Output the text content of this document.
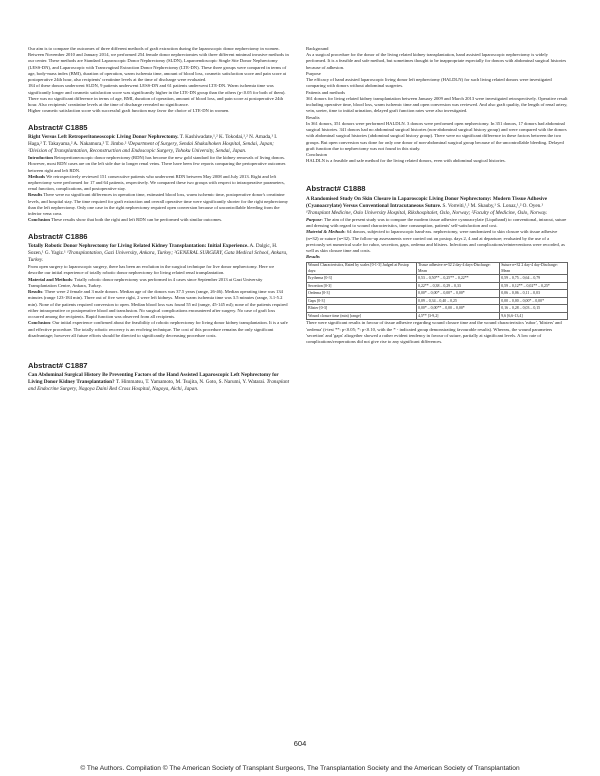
Our aim is to compare the outcomes of three different methods of graft extraction during the laparoscopic donor nephrectomy in women.

Between November 2010 and January 2014, we performed 254 female donor nephrectomies with three different minimal invasive methods in our center. These methods are Standard Laparoscopic Donor Nephrectomy (SLDN), Laparoendoscopic Single Site Donor Nephrectomy (LESS-DN), and Laparoscopic with Transvaginal Extraction Donor Nephrectomy (LTE-DN). These three groups were compared in terms of age, body-mass index (BMI), duration of operation, warm ischemia time, amount of blood loss, cosmetic satisfaction score and pain score at postoperative 24th hour, also recipients' creatinine levels at the time of discharge were evaluated.

184 of these donors underwent SLDN, 9 patients underwent LESS-DN and 61 patients underwent LTE-DN. Warm ischemia time was significantly longer and cosmetic satisfaction score was significantly higher in the LTE-DN group than the others (p<0.05 for both of them). There was no significant difference in terms of age, BMI, duration of operation, amount of blood loss, and pain score at postoperative 24th hour. Also recipients' creatinine levels at the time of discharge revealed no significance.

Higher cosmetic satisfaction score with successful graft function may favor the choice of LTE-DN in women.

Abstract# C1885

Right Versus Left Retroperitoneoscopic Living Donor Nephrectomy. T. Kashiwadate,¹,² K. Tokodai,¹,² N. Amada,¹ I. Haga,² T. Takayama,² A. Nakamura,² T. Jimbo.² ¹Department of Surgery, Sendai Shakaihoken Hospital, Sendai, Japan; ²Division of Transplantation, Reconstruction and Endoscopic Surgery, Tohoku University, Sendai, Japan.

Introduction Retroperitoneoscopic donor nephrectomy (RDN) has become the new gold standard for the kidney removals of living donors. However, most RDN cases are on the left side due to longer renal veins. There have been few reports comparing the perioperative outcomes between right and left RDN.

Methods We retrospectively reviewed 151 consecutive patients who underwent RDN between May 2008 and July 2013. Right and left nephrectomy were performed for 17 and 64 patients, respectively. We compared these two groups with respect to intraoperative parameters, renal function, complications, and postoperative stay.

Results There were no significant differences in operation time, estimated blood loss, warm ischemic time, postoperative donor's creatinine levels, and hospital stay. The time required for graft extraction and overall operative time were significantly shorter for the right nephrectomy than the left nephrectomy. Only one case in the right nephrectomy required open conversion because of uncontrollable bleeding from the inferior vena cava.

Conclusion These results show that both the right and left RDN can be performed with similar outcomes.

Abstract# C1886

Totally Robotic Donor Nephrectomy for Living Related Kidney Transplantation: Initial Experience. A. Dalgic, H. Sozen,¹ G. Yagiz.¹ ¹Transplantation, Gazi University, Ankara, Turkey; ²GENERAL SURGERY, Gata Medical School, Ankara, Turkey.

From open surgery to laparoscopic surgery, there has been an evolution in the surgical technique for live donor nephrectomy. Here we describe our initial experience of totally robotic donor nephrectomy for living related renal transplantation.

Material and Methods: Totally robotic donor nephrectomy was performed in 4 cases since September 2013 at Gazi University Transplantation Centre, Ankara, Turkey.

Results: There were 2 female and 3 male donors. Median age of the donors was 37.5 years (range, 26-46). Median operating time was 134 minutes (range 123-184 min). Three out of five were right, 2 were left kidneys. Mean warm ischemia time was 3.5 minutes (range, 3.1-5.2 min). None of the patients required conversion to open. Median blood loss was found 55 ml (range, 45-145 ml); none of the patients required either intraoperative or postoperative blood and transfusion. No surgical complications encountered after surgery. No case of graft loss occurred among the recipients. Rapid function was observed from all recipients.

Conclusion: Our initial experience confirmed about the feasibility of robotic nephrectomy for living donor kidney transplantation. It is a safe and effective procedure. The totally robotic recovery is an evolving technique. The cost of this procedure remains the only significant disadvantage; however all future efforts should be directed to significantly decreasing procedure costs.

Abstract# C1887

Can Abdominal Surgical History Be Preventing Factors of the Hand Assisted Laparoscopic Left Nephrectomy for Living Donor Kidney Transplantation? T. Himmatsu, T. Yamamoto, M. Tsujita, N. Goto, S. Narumi, Y. Watarai. Transplant and Endocrine Surgery, Nagoya Daini Red Cross Hospital, Nagoya, Aichi, Japan.

Background

As a surgical procedure for the donor of the living related kidney transplantation, hand assisted laparoscopic nephrectomy is widely performed. It is a feasible and safe method, but sometimes thought to be inappropriate especially for donors with abdominal surgical histories because of adhesion.

Purpose

The efficacy of hand assisted laparoscopic living donor left nephrectomy (HALDLN) for such living related donors were investigated comparing with donors without abdominal surgeries.

Patients and methods

361 donors for living related kidney transplantation between January 2009 and March 2013 were investigated retrospectively. Operative result including operative time, blood loss, warm ischemic time and open conversion was reviewed. And also graft quality, the length of renal artery, vein, ureter, time to initial urination, delayed graft function rates were also investigated.

Results

In 361 donors, 351 donors were performed HALDLN. 3 donors were performed open nephrectomy. In 351 donors, 17 donors had abdominal surgical histories. 341 donors had no abdominal surgical histories (non-abdominal surgical history group) and were compared with the donors with abdominal surgical histories (abdominal surgical history group). There were no significant difference in these factors between the two groups. But open conversion was done for only one donor of non-abdominal surgical group because of the uncontrollable bleeding. Delayed graft function due to nephrectomy was not found in this study.

Conclusion

HALDLN is a feasible and safe method for the living related donors, even with abdominal surgical histories.

Abstract# C1888

A Randomised Study On Skin Closure in Laparoscopic Living Donor Nephrectomy: Modern Tissue Adhesive (Cyanoacrylate) Versus Conventional Intracutaneous Suture. S. Vorreiti,¹,² M. Skauby,¹ S. Lonaz,¹,² O. Oyen.¹ ¹Transplant Medicine, Oslo University Hospital, Rikshospitalet, Oslo, Norway; ²Faculty of Medicine, Oslo, Norway.

Purpose: The aim of the present study was to compare the modern tissue adhesive cyanoacrylate (Liquiband) to conventional, intracut, suture and dressing with regard to wound characteristics, time consumption, patients' self-satisfaction and cost.

Material & Methods: 64 donors, subjected to laparoscopic hand-ass. nephrectomy, were randomized to skin closure with tissue adhesive (n=32) or suture (n=32). The follow-up assessments were carried out on postop. days 2, 4 and at departure; evaluated by the use of a previously set numerical scale for rubor, secretion, gaps, oedema and blisters. Infections and complications/reinterventions were recorded, as well as skin closure time and costs.

Results

Wound Characteristics, Rated by scales [0-1-3] Judged at Postop days:	Tissue adhesive n=32 2 day-4 days-Discharge: Mean	Suture n=32 2 day-4 day-Discharge: Mean
Erythema [0-3]	0,53 – 0,50** – 0,25** – 0,22**	0,59 – 0,75 – 0,64 – 0,79
Secretion [0-3]	0,22** – 0,38 – 0,29 – 0,33	0,59 – 0,12** – 0,02** – 0,25*
Oedema [0-3]	0,00* – 0,00* – 0,00* – 0,00*	0,06 – 0,06 – 0,11 – 0,03
Gaps [0-3]	0,09 – 0,34 – 0,40 – 0,25	0,00 – 0,00 – 0,00* – 0,00*
Blister [0-3]	0,00* – 0,00** – 0,00 – 0,00*	0,16 – 0,28 – 0,03 – 0,15
Wound closure time (min) [range]	4,5** [3-9,2]	9,6 [6,6-13,4]

There were significant results in favour of tissue adhesive regarding wound closure time and the wound characteristics 'rubor', 'blisters' and 'oedema' (t-test **: p<0.05; *: p<0.10, with the * - indicated group demonstrating favourable results). Whereas, the wound parameters 'secretion' and 'gaps' altogether showed a rather evident tendency in favour of suture, partially at significant levels. A low rate of complications/reoperations did not give rise to any significant differences.

604
© The Authors. Compilation © The American Society of Transplant Surgeons, The Transplantation Society and the American Society of Transplantation
